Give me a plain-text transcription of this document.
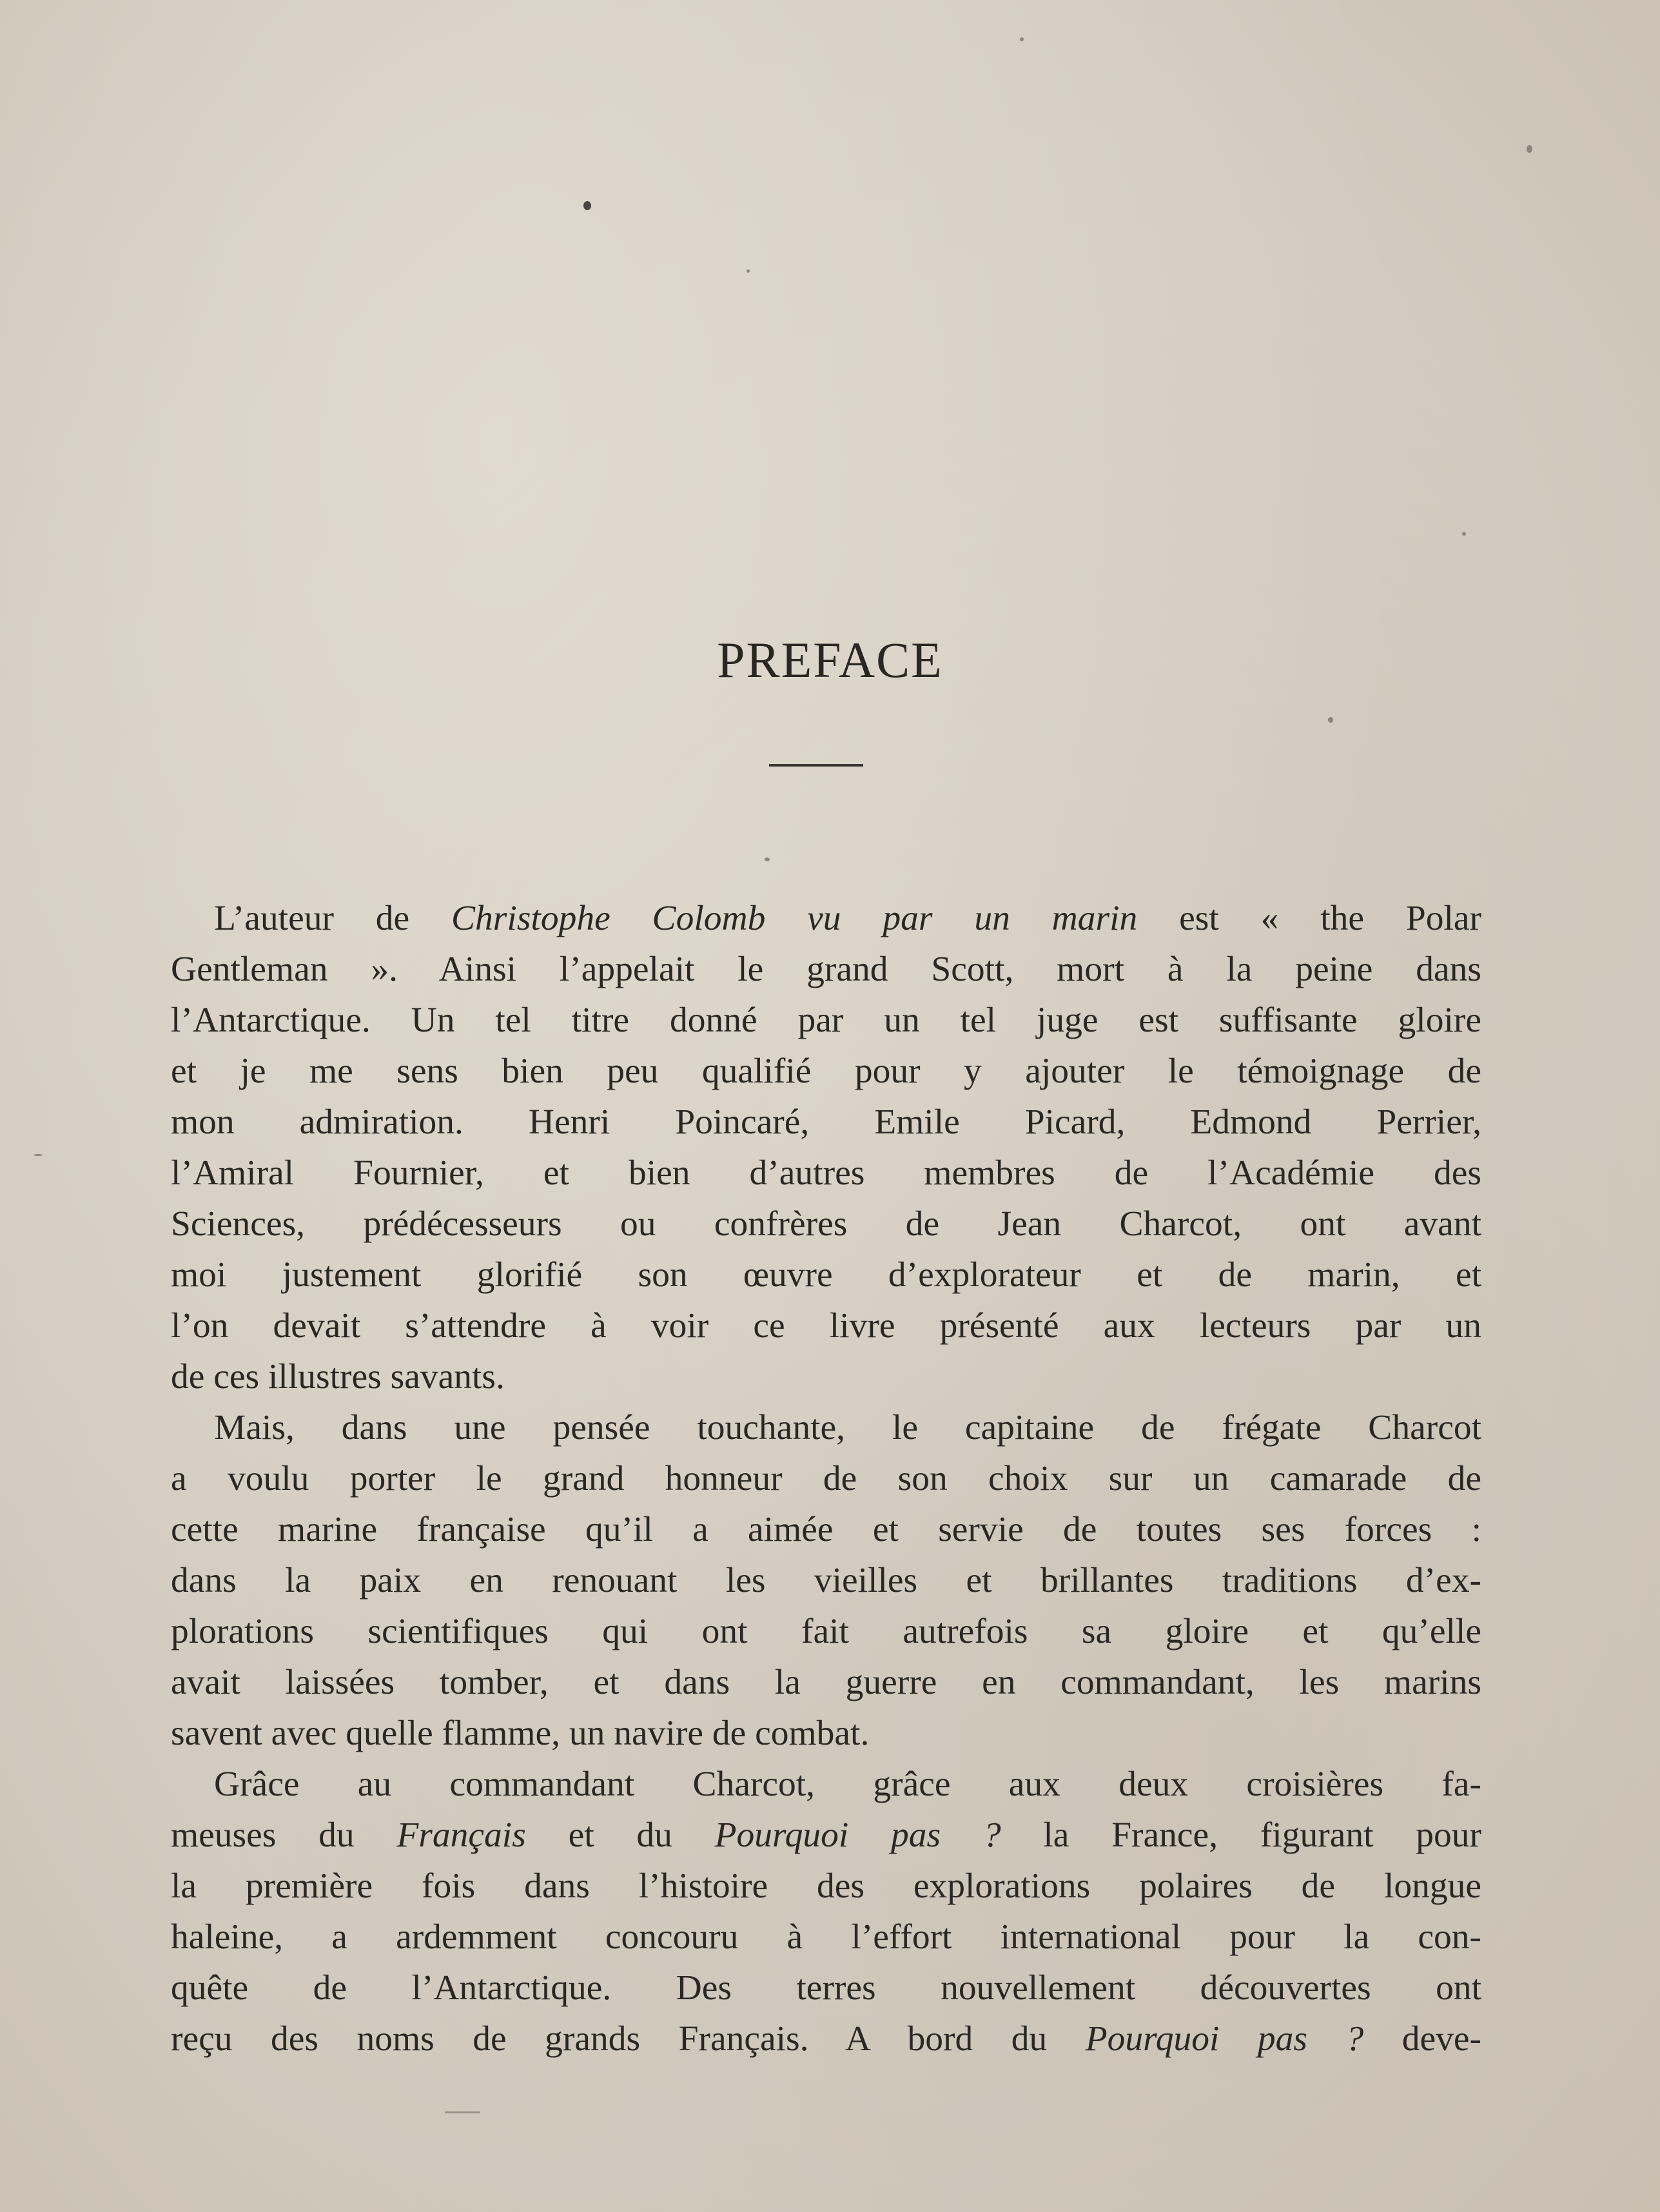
PREFACE
L’auteur de Christophe Colomb vu par un marin est « the Polar
Gentleman ». Ainsi l’appelait le grand Scott, mort à la peine dans
l’Antarctique. Un tel titre donné par un tel juge est suffisante gloire
et je me sens bien peu qualifié pour y ajouter le témoignage de
mon admiration. Henri Poincaré, Emile Picard, Edmond Perrier,
l’Amiral Fournier, et bien d’autres membres de l’Académie des
Sciences, prédécesseurs ou confrères de Jean Charcot, ont avant
moi justement glorifié son œuvre d’explorateur et de marin, et
l’on devait s’attendre à voir ce livre présenté aux lecteurs par un
de ces illustres savants.
Mais, dans une pensée touchante, le capitaine de frégate Charcot
a voulu porter le grand honneur de son choix sur un camarade de
cette marine française qu’il a aimée et servie de toutes ses forces :
dans la paix en renouant les vieilles et brillantes traditions d’ex-
plorations scientifiques qui ont fait autrefois sa gloire et qu’elle
avait laissées tomber, et dans la guerre en commandant, les marins
savent avec quelle flamme, un navire de combat.
Grâce au commandant Charcot, grâce aux deux croisières fa-
meuses du Français et du Pourquoi pas ? la France, figurant pour
la première fois dans l’histoire des explorations polaires de longue
haleine, a ardemment concouru à l’effort international pour la con-
quête de l’Antarctique. Des terres nouvellement découvertes ont
reçu des noms de grands Français. A bord du Pourquoi pas ? deve-
